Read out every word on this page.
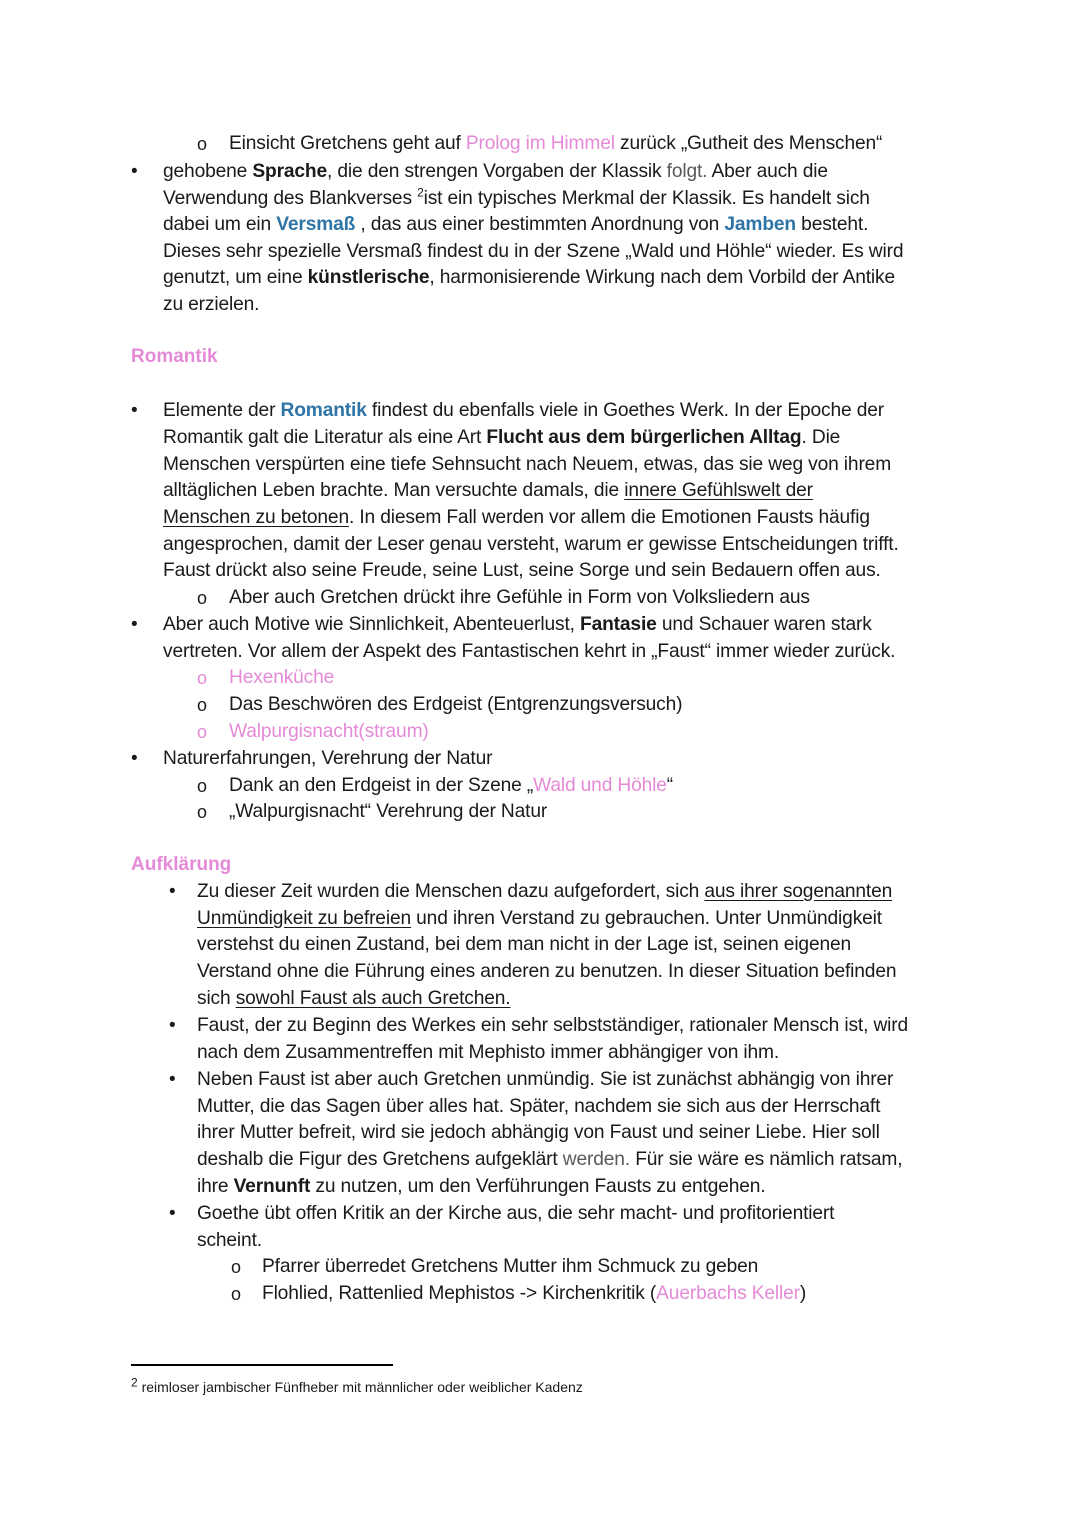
o Einsicht Gretchens geht auf Prolog im Himmel zurück „Gutheit des Menschen“
• gehobene Sprache, die den strengen Vorgaben der Klassik folgt. Aber auch die
Verwendung des Blankverses $^2$ist ein typisches Merkmal der Klassik. Es handelt sich
dabei um ein Versmaß , das aus einer bestimmten Anordnung von Jamben besteht.
Dieses sehr spezielle Versmaß findest du in der Szene „Wald und Höhle“ wieder. Es wird
genutzt, um eine künstlerische, harmonisierende Wirkung nach dem Vorbild der Antike
zu erzielen.
Romantik
• Elemente der Romantik findest du ebenfalls viele in Goethes Werk. In der Epoche der
Romantik galt die Literatur als eine Art Flucht aus dem bürgerlichen Alltag. Die
Menschen verspürten eine tiefe Sehnsucht nach Neuem, etwas, das sie weg von ihrem
alltäglichen Leben brachte. Man versuchte damals, die innere Gefühlswelt der
Menschen zu betonen. In diesem Fall werden vor allem die Emotionen Fausts häufig
angesprochen, damit der Leser genau versteht, warum er gewisse Entscheidungen trifft.
Faust drückt also seine Freude, seine Lust, seine Sorge und sein Bedauern offen aus.
o Aber auch Gretchen drückt ihre Gefühle in Form von Volksliedern aus
• Aber auch Motive wie Sinnlichkeit, Abenteuerlust, Fantasie und Schauer waren stark
vertreten. Vor allem der Aspekt des Fantastischen kehrt in „Faust“ immer wieder zurück.
o Hexenküche
o Das Beschwören des Erdgeist (Entgrenzungsversuch)
o Walpurgisnacht(straum)
• Naturerfahrungen, Verehrung der Natur
o Dank an den Erdgeist in der Szene „Wald und Höhle“
o „Walpurgisnacht“ Verehrung der Natur
Aufklärung
• Zu dieser Zeit wurden die Menschen dazu aufgefordert, sich aus ihrer sogenannten
Unmündigkeit zu befreien und ihren Verstand zu gebrauchen. Unter Unmündigkeit
verstehst du einen Zustand, bei dem man nicht in der Lage ist, seinen eigenen
Verstand ohne die Führung eines anderen zu benutzen. In dieser Situation befinden
sich sowohl Faust als auch Gretchen.
• Faust, der zu Beginn des Werkes ein sehr selbstständiger, rationaler Mensch ist, wird
nach dem Zusammentreffen mit Mephisto immer abhängiger von ihm.
• Neben Faust ist aber auch Gretchen unmündig. Sie ist zunächst abhängig von ihrer
Mutter, die das Sagen über alles hat. Später, nachdem sie sich aus der Herrschaft
ihrer Mutter befreit, wird sie jedoch abhängig von Faust und seiner Liebe. Hier soll
deshalb die Figur des Gretchens aufgeklärt werden. Für sie wäre es nämlich ratsam,
ihre Vernunft zu nutzen, um den Verführungen Fausts zu entgehen.
• Goethe übt offen Kritik an der Kirche aus, die sehr macht- und profitorientiert
scheint.
o Pfarrer überredet Gretchens Mutter ihm Schmuck zu geben
o Flohlied, Rattenlied Mephistos -> Kirchenkritik (Auerbachs Keller)
$^2$ reimloser jambischer Fünfheber mit männlicher oder weiblicher Kadenz
